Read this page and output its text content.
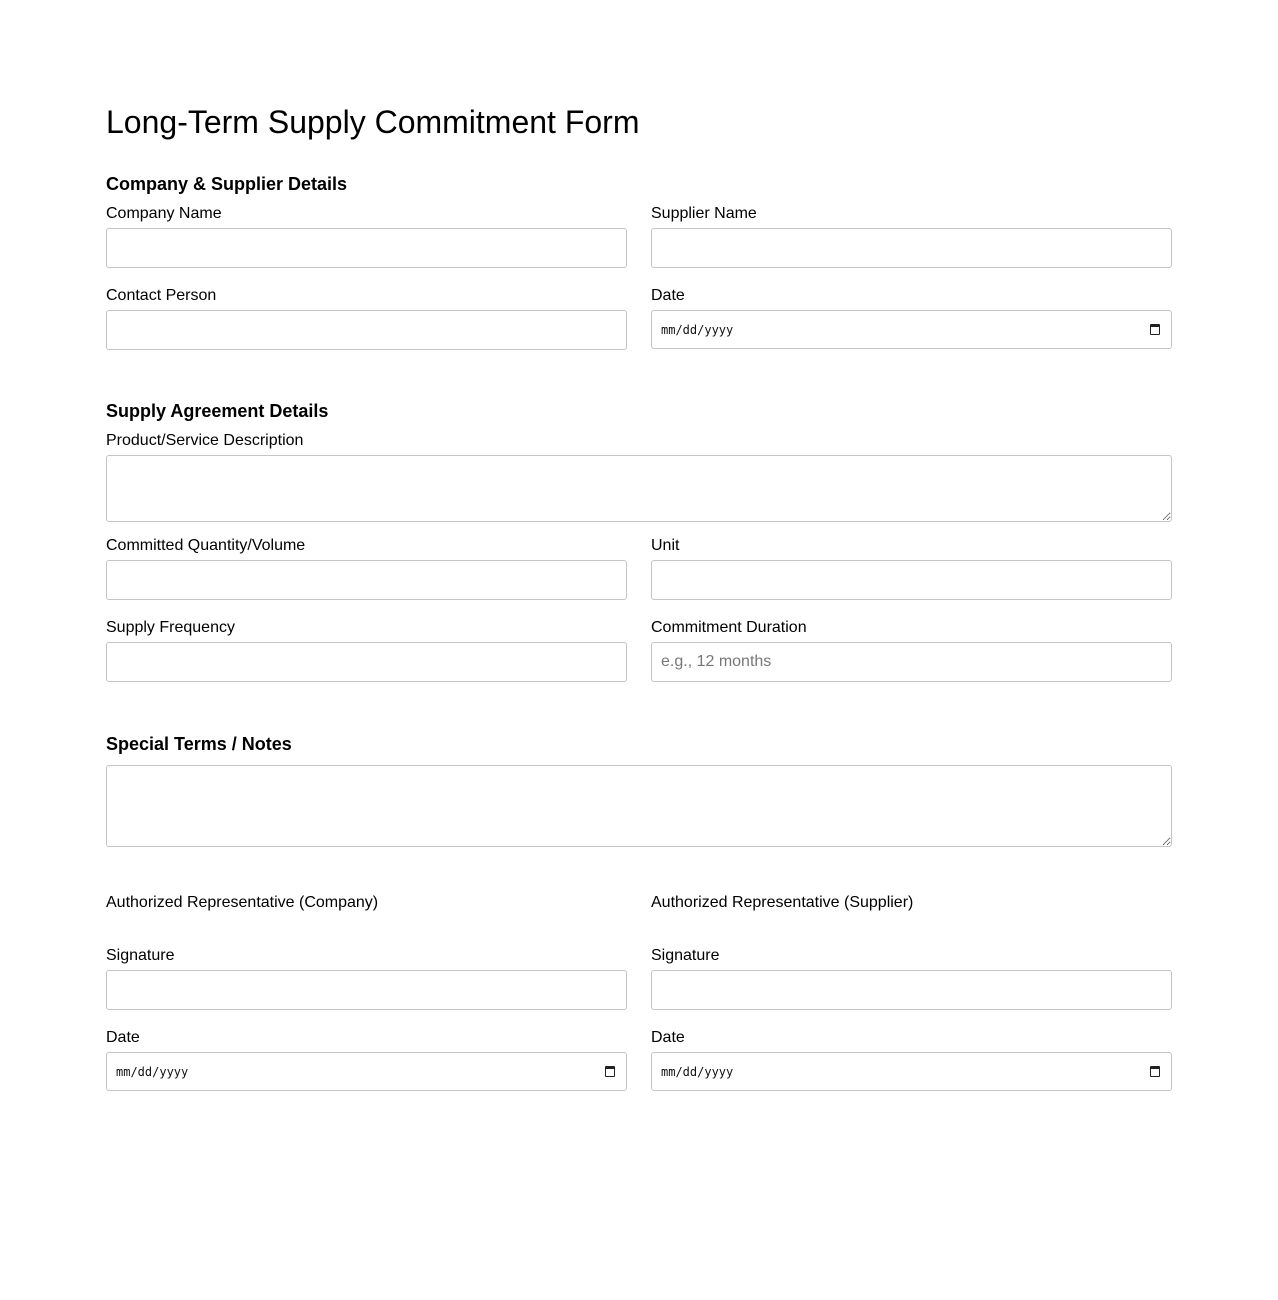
Long-Term Supply Commitment Form
Company & Supplier Details
Company Name	Supplier Name
Contact Person	Date
mm/dd/yyyy
Supply Agreement Details
Product/Service Description
Committed Quantity/Volume	Unit
Supply Frequency	Commitment Duration
e.g., 12 months
Special Terms / Notes
Authorized Representative (Company)	Authorized Representative (Supplier)
Signature	Signature
Date
mm/dd/yyyy
Date
mm/dd/yyyy
